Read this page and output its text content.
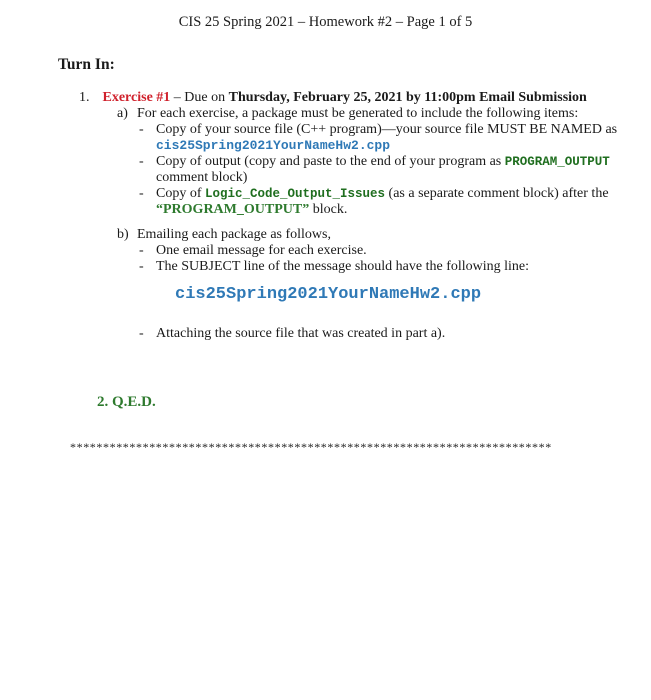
CIS 25 Spring 2021 – Homework #2 – Page 1 of 5
Turn In:
1. Exercise #1 – Due on Thursday, February 25, 2021 by 11:00pm Email Submission
a) For each exercise, a package must be generated to include the following items:
- Copy of your source file (C++ program)—your source file MUST BE NAMED as
cis25Spring2021YourNameHw2.cpp
- Copy of output (copy and paste to the end of your program as PROGRAM_OUTPUT
comment block)
- Copy of Logic_Code_Output_Issues (as a separate comment block) after the
“PROGRAM_OUTPUT” block.
b) Emailing each package as follows,
- One email message for each exercise.
- The SUBJECT line of the message should have the following line:
cis25Spring2021YourNameHw2.cpp
- Attaching the source file that was created in part a).
2. Q.E.D.
*************************************************************************
